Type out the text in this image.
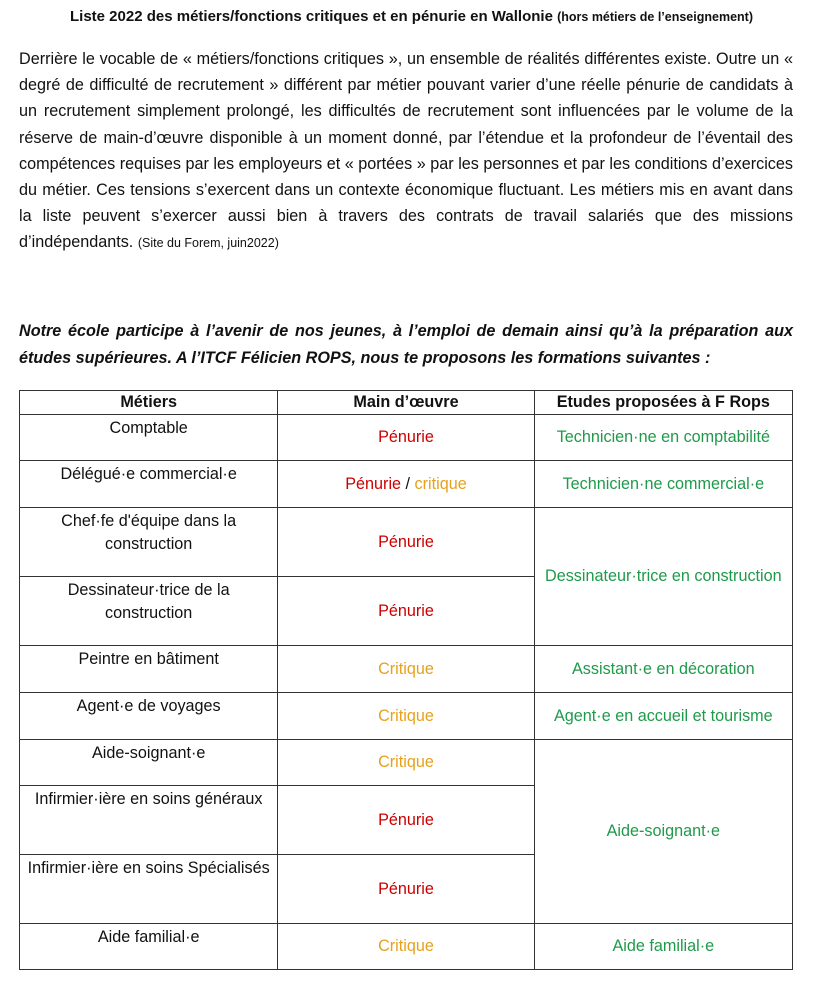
Liste 2022 des métiers/fonctions critiques et en pénurie en Wallonie (hors métiers de l’enseignement)

Derrière le vocable de « métiers/fonctions critiques », un ensemble de réalités différentes existe. Outre un « degré de difficulté de recrutement » différent par métier pouvant varier d’une réelle pénurie de candidats à un recrutement simplement prolongé, les difficultés de recrutement sont influencées par le volume de la réserve de main-d’œuvre disponible à un moment donné, par l’étendue et la profondeur de l’éventail des compétences requises par les employeurs et « portées » par les personnes et par les conditions d’exercices du métier. Ces tensions s’exercent dans un contexte économique fluctuant. Les métiers mis en avant dans la liste peuvent s’exercer aussi bien à travers des contrats de travail salariés que des missions d’indépendants. (Site du Forem, juin2022)

Notre école participe à l’avenir de nos jeunes, à l’emploi de demain ainsi qu’à la préparation aux études supérieures. A l’ITCF Félicien ROPS, nous te proposons les formations suivantes :

Métiers	Main d’œuvre	Etudes proposées à F Rops
Comptable	Pénurie	Technicien·ne en comptabilité
Délégué·e commercial·e	Pénurie / critique	Technicien·ne commercial·e
Chef·fe d'équipe dans la construction	Pénurie	Dessinateur·trice en construction
Dessinateur·trice de la construction	Pénurie	
Peintre en bâtiment	Critique	Assistant·e en décoration
Agent·e de voyages	Critique	Agent·e en accueil et tourisme
Aide-soignant·e	Critique	Aide-soignant·e
Infirmier·ière en soins généraux	Pénurie	
Infirmier·ière en soins Spécialisés	Pénurie	
Aide familial·e	Critique	Aide familial·e
